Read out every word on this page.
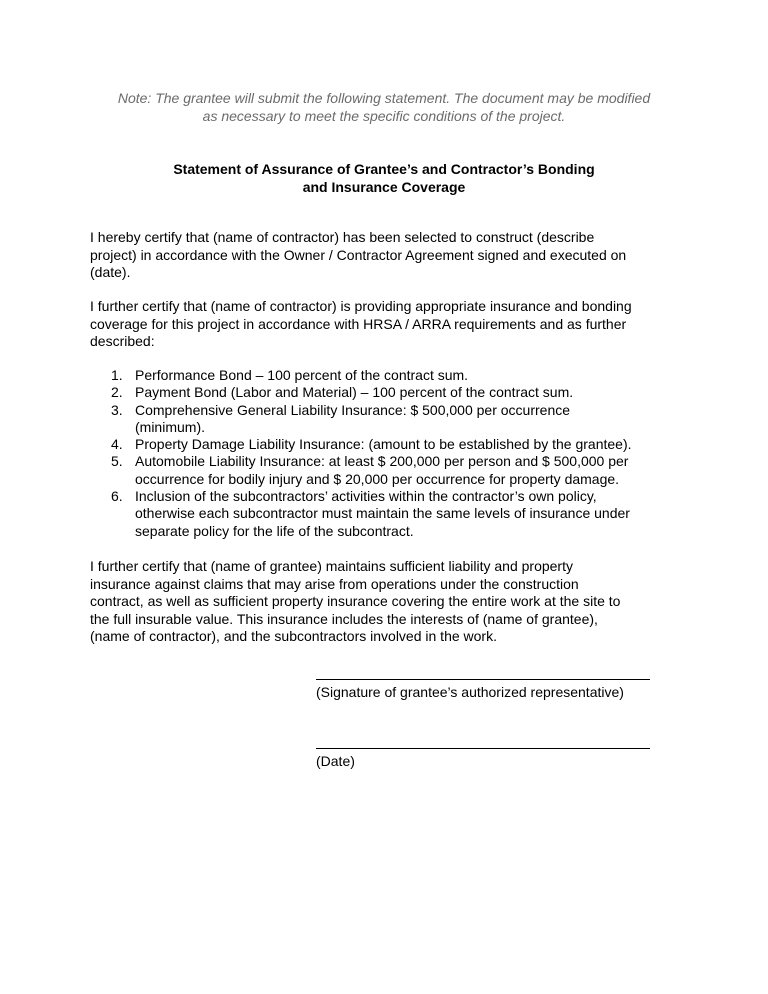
Note: The grantee will submit the following statement. The document may be modified
as necessary to meet the specific conditions of the project.
Statement of Assurance of Grantee’s and Contractor’s Bonding
and Insurance Coverage
I hereby certify that (name of contractor) has been selected to construct (describe
project) in accordance with the Owner / Contractor Agreement signed and executed on
(date).
I further certify that (name of contractor) is providing appropriate insurance and bonding
coverage for this project in accordance with HRSA / ARRA requirements and as further
described:
1. Performance Bond – 100 percent of the contract sum.
2. Payment Bond (Labor and Material) – 100 percent of the contract sum.
3. Comprehensive General Liability Insurance: $ 500,000 per occurrence
(minimum).
4. Property Damage Liability Insurance: (amount to be established by the grantee).
5. Automobile Liability Insurance: at least $ 200,000 per person and $ 500,000 per
occurrence for bodily injury and $ 20,000 per occurrence for property damage.
6. Inclusion of the subcontractors’ activities within the contractor’s own policy,
otherwise each subcontractor must maintain the same levels of insurance under
separate policy for the life of the subcontract.
I further certify that (name of grantee) maintains sufficient liability and property
insurance against claims that may arise from operations under the construction
contract, as well as sufficient property insurance covering the entire work at the site to
the full insurable value. This insurance includes the interests of (name of grantee),
(name of contractor), and the subcontractors involved in the work.
(Signature of grantee’s authorized representative)
(Date)
